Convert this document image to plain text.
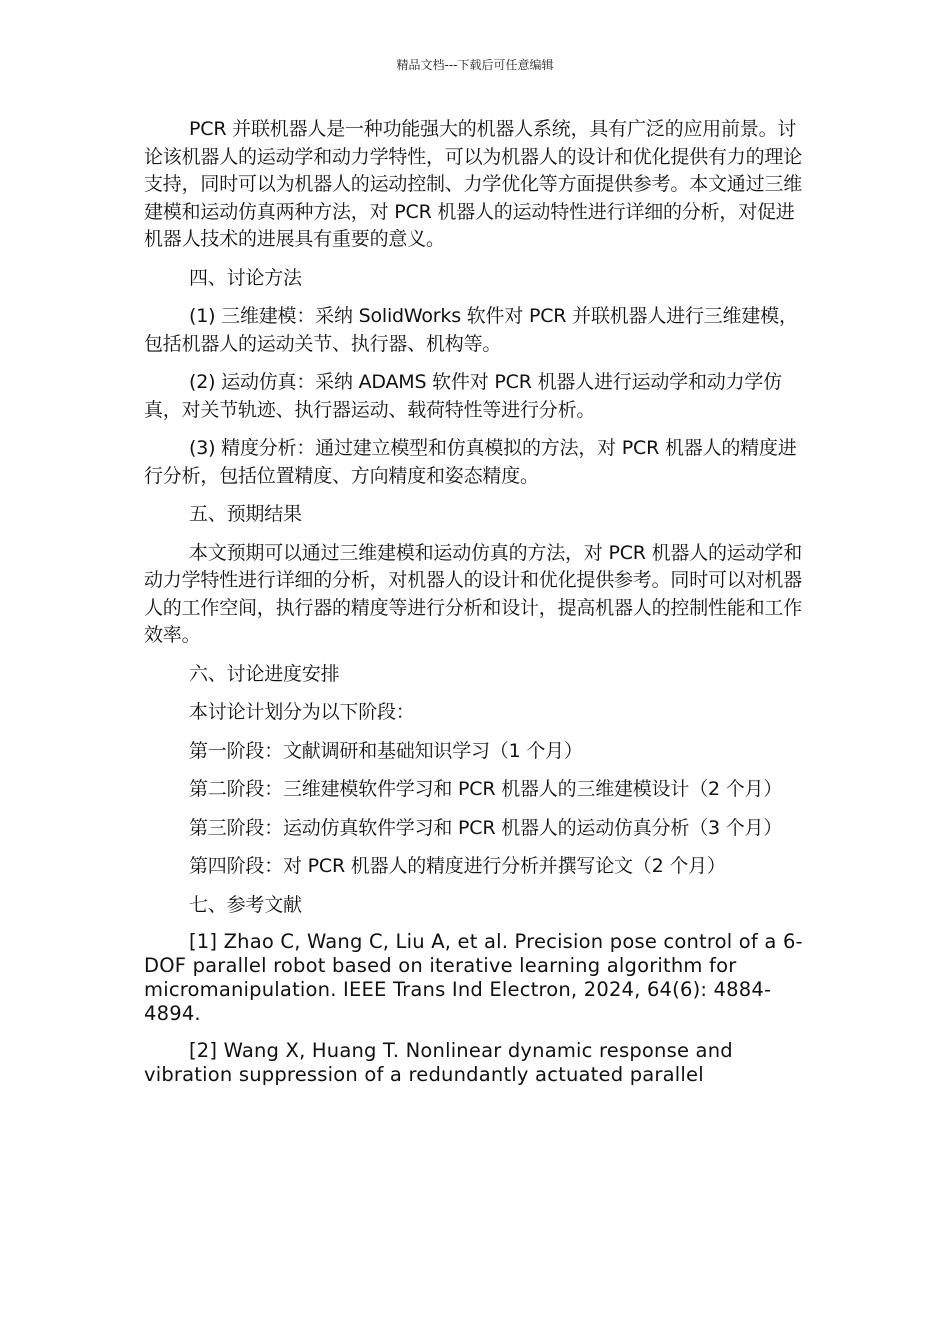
精品文档---下载后可任意编辑

PCR 并联机器人是一种功能强大的机器人系统，具有广泛的应用前景。讨论该机器人的运动学和动力学特性，可以为机器人的设计和优化提供有力的理论支持，同时可以为机器人的运动控制、力学优化等方面提供参考。本文通过三维建模和运动仿真两种方法，对 PCR 机器人的运动特性进行详细的分析，对促进机器人技术的进展具有重要的意义。

四、讨论方法

(1) 三维建模：采纳 SolidWorks 软件对 PCR 并联机器人进行三维建模，包括机器人的运动关节、执行器、机构等。

(2) 运动仿真：采纳 ADAMS 软件对 PCR 机器人进行运动学和动力学仿真，对关节轨迹、执行器运动、载荷特性等进行分析。

(3) 精度分析：通过建立模型和仿真模拟的方法，对 PCR 机器人的精度进行分析，包括位置精度、方向精度和姿态精度。

五、预期结果

本文预期可以通过三维建模和运动仿真的方法，对 PCR 机器人的运动学和动力学特性进行详细的分析，对机器人的设计和优化提供参考。同时可以对机器人的工作空间，执行器的精度等进行分析和设计，提高机器人的控制性能和工作效率。

六、讨论进度安排

本讨论计划分为以下阶段：

第一阶段：文献调研和基础知识学习（1 个月）

第二阶段：三维建模软件学习和 PCR 机器人的三维建模设计（2 个月）

第三阶段：运动仿真软件学习和 PCR 机器人的运动仿真分析（3 个月）

第四阶段：对 PCR 机器人的精度进行分析并撰写论文（2 个月）

七、参考文献

[1] Zhao C, Wang C, Liu A, et al. Precision pose control of a 6-DOF parallel robot based on iterative learning algorithm for micromanipulation. IEEE Trans Ind Electron, 2024, 64(6): 4884-4894.

[2] Wang X, Huang T. Nonlinear dynamic response and vibration suppression of a redundantly actuated parallel
